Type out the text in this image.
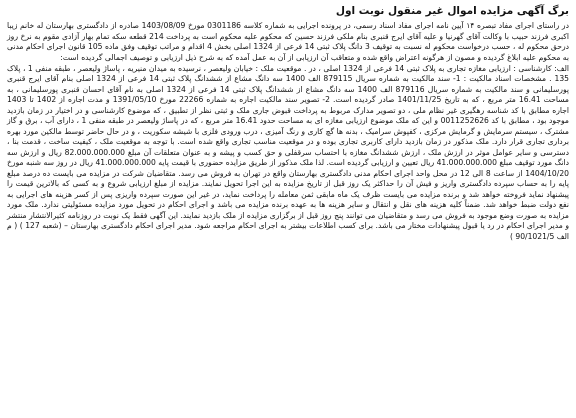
برگ آگهی مزایده اموال غیر منقول نوبت اول

در راستای اجرای مفاد تبصره ۱۴ آیین نامه اجرای مفاد اسناد رسمی، در پرونده اجرایی به شماره کلاسه 0301186 مورخ 1403/08/09 صادره از دادگستری بهارستان له خانم زیبا اکبری فرزند حبیب با وکالت آقای گهرنیا و علیه آقای ایرج قنبری بنام ملکی فرزند حسین که محکوم علیه محکوم است به پرداخت 214 قطعه سکه تمام بهار آزادی مقوم به نرخ روز درحق محکوم له ، حسب درخواست محکوم له نسبت به توقیف 3 دانگ پلاک ثبتی 14 فرعی از 1324 اصلی بخش 4 اقدام و مراتب توقیف وفق ماده 105 قانون اجرای احکام مدنی به محکوم علیه ابلاغ گردیده و مصون از هرگونه اعتراض واقع شده و متعاقب آن ارزیابی از آن به عمل آمده که به شرح ذیل ارزیابی و توصیف اجمالی گردیده است:

الف: کارشناسی : ارزیابی مغازه تجاری به پلاک ثبتی 14 فرعی از 1324 اصلی ، در . موقعیت ملک : خیابان ولیعصر ، نرسیده به میدان منیریه ، پاساژ ولیعصر ، طبقه منفی 1 ، پلاک 135 . مشخصات اسناد مالکیت : 1- سند مالکیت به شماره سریال 879115 الف 1400 سه دانگ مشاع از ششدانگ پلاک ثبتی 14 فرعی از 1324 اصلی بنام آقای ایرج قنبری پورسلیمانی و سند مالکیت به شماره سریال 879116 الف 1400 سه دانگ مشاع از ششدانگ پلاک ثبتی 14 فرعی از 1324 اصلی به نام آقای احسان قنبری پورسلیمانی ، به مساحت 16.41 متر مربع ، که به تاریخ 1401/11/25 صادر گردیده است. 2- تصویر سند مالکیت اجاره به شماره 22266 مورخ 1391/05/10 و مدت اجاره از 1402 تا 1403 اجاره مطابق با کد شناسه رهگیری غیر نظام ملی ، دو تصویر مدارک مربوط به پرداخت قبوض جاری ملک و ثبتی نظر از تطبیق ، که موضوع کارشناسی و در اختیار در زمان بازدید موجود بود ، مطابق با کد 0011252626 و این که ملک موضوع ارزیابی مغازه ای به مساحت حدود 16.41 متر مربع ، که در پاساژ ولیعصر در طبقه منفی 1 ، دارای آب ، برق و گاز مشترک ، سیستم سرمایش و گرمایش مرکزی ، کفپوش سرامیک ، بدنه ها گچ کاری و رنگ آمیزی ، درب ورودی فلزی با شیشه سکوریت ، و در حال حاضر توسط مالکین مورد بهره برداری تجاری قرار دارد. ملک مذکور در زمان بازدید دارای کاربری تجاری بوده و در موقعیت مناسب تجاری واقع شده است. با توجه به موقعیت ملک ، کیفیت ساخت ، قدمت بنا ، دسترسی و سایر عوامل موثر در ارزش ملک ، ارزش ششدانگ مغازه با احتساب سرقفلی و حق کسب و پیشه و به عنوان متعلقات آن مبلغ 82.000.000.000 ریال و ارزش سه دانگ مورد توقیف مبلغ 41.000.000.000 ریال تعیین و ارزیابی گردیده است. لذا ملک مذکور از طریق مزایده حضوری با قیمت پایه 41.000.000.000 ریال در روز سه شنبه مورخ 1404/10/20 از ساعت 8 الی 12 در محل واحد اجرای احکام مدنی دادگستری بهارستان واقع در تهران به فروش می رسد. متقاضیان شرکت در مزایده می بایست ده درصد مبلغ پایه را به حساب سپرده دادگستری واریز و فیش آن را حداکثر یک روز قبل از تاریخ مزایده به این اجرا تحویل نمایند. مزایده از مبلغ ارزیابی شروع و به کسی که بالاترین قیمت را پیشنهاد نماید فروخته خواهد شد و برنده مزایده می بایست ظرف یک ماه مابقی ثمن معامله را پرداخت نماید، در غیر این صورت سپرده واریزی پس از کسر هزینه های اجرایی به نفع دولت ضبط خواهد شد. ضمناً کلیه هزینه های نقل و انتقال و سایر هزینه ها به عهده برنده مزایده می باشد و اجرای احکام در تحویل مورد مزایده مسئولیتی ندارد. ملک مورد مزایده به صورت وضع موجود به فروش می رسد و متقاضیان می توانند پنج روز قبل از برگزاری مزایده از ملک بازدید نمایند. این آگهی فقط یک نوبت در روزنامه کثیرالانتشار منتشر و مدیر اجرای احکام در رد یا قبول پیشنهادات مختار می باشد. برای کسب اطلاعات بیشتر به اجرای احکام مراجعه شود. مدیر اجرای احکام دادگستری بهارستان – (شعبه 127 ) ( م الف 90/1021/5 )
